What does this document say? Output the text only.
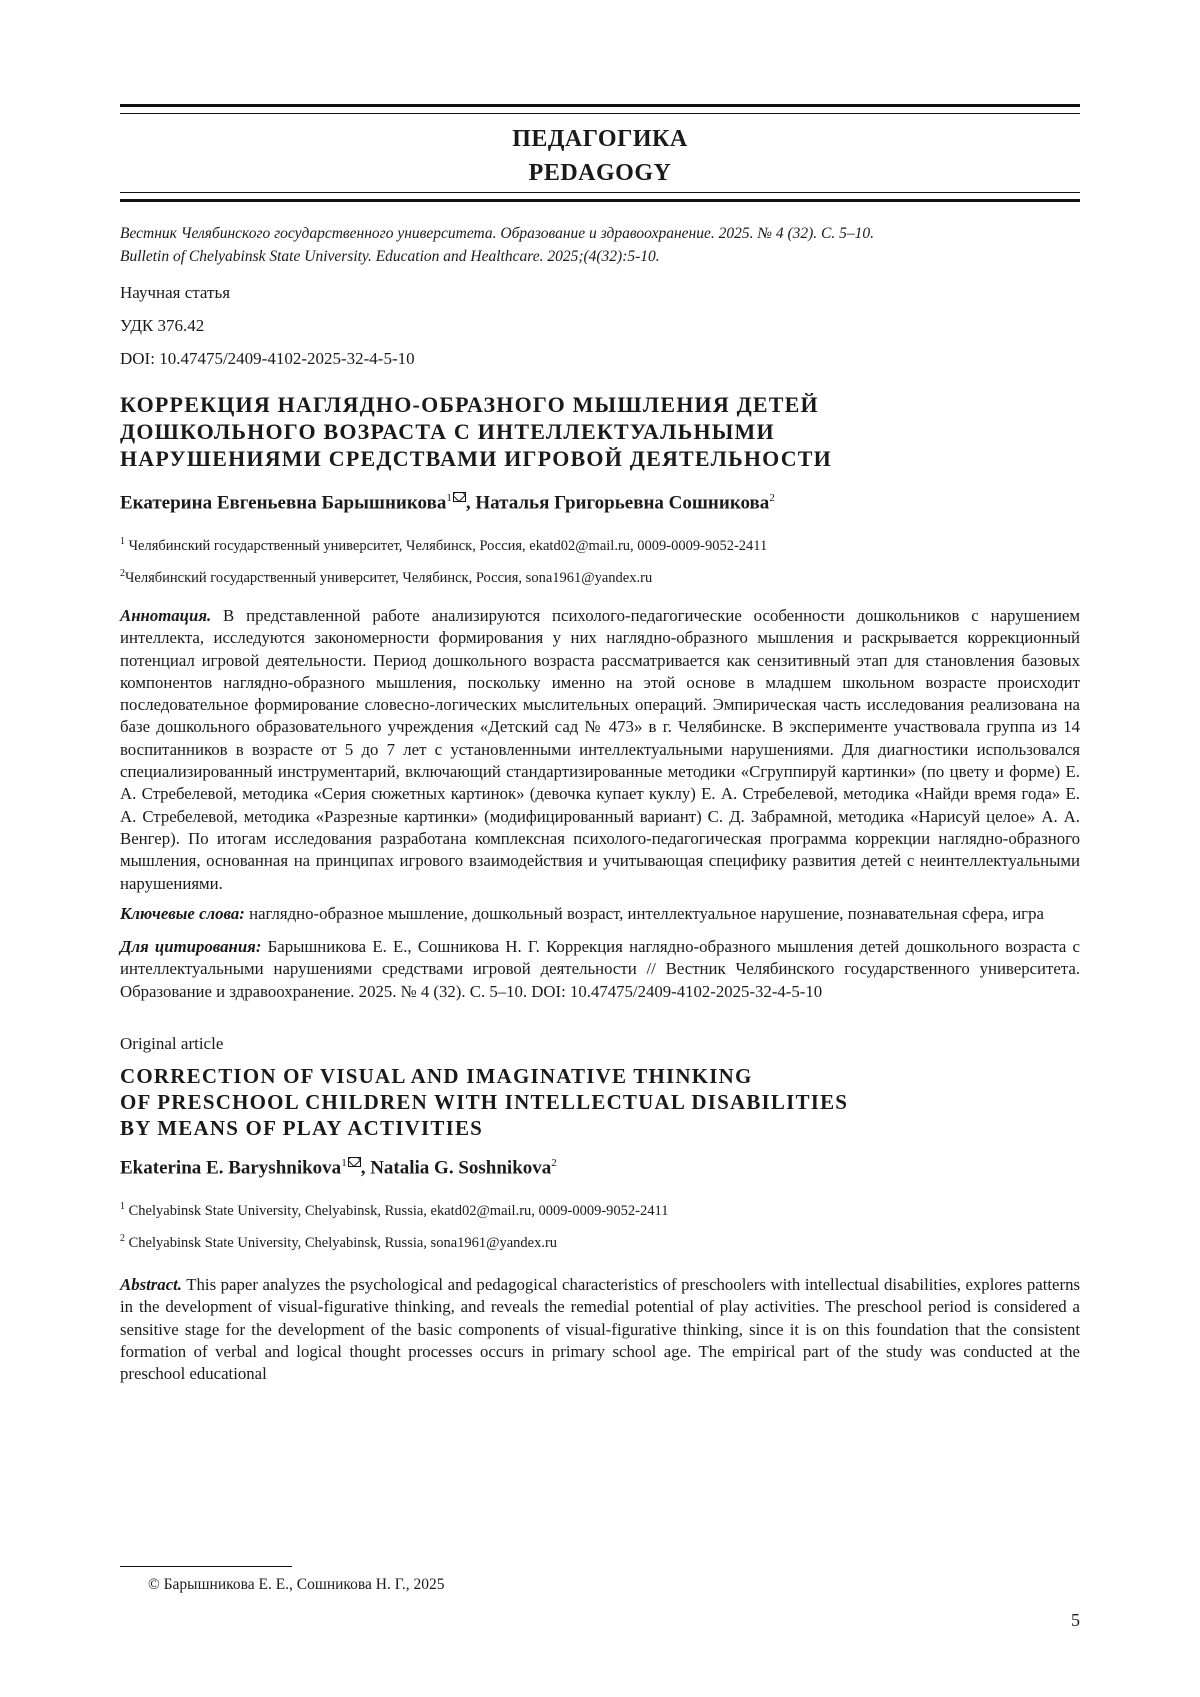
ПЕДАГОГИКА
PEDAGOGY
Вестник Челябинского государственного университета. Образование и здравоохранение. 2025. № 4 (32). С. 5–10.
Bulletin of Chelyabinsk State University. Education and Healthcare. 2025;(4(32):5-10.
Научная статья
УДК 376.42
DOI: 10.47475/2409-4102-2025-32-4-5-10
КОРРЕКЦИЯ НАГЛЯДНО-ОБРАЗНОГО МЫШЛЕНИЯ ДЕТЕЙ
ДОШКОЛЬНОГО ВОЗРАСТА С ИНТЕЛЛЕКТУАЛЬНЫМИ
НАРУШЕНИЯМИ СРЕДСТВАМИ ИГРОВОЙ ДЕЯТЕЛЬНОСТИ
Екатерина Евгеньевна Барышникова$^1$ , Наталья Григорьевна Сошникова$^2$
$^1$ Челябинский государственный университет, Челябинск, Россия, ekatd02@mail.ru, 0009-0009-9052-2411
$^2$Челябинский государственный университет, Челябинск, Россия, sona1961@yandex.ru
Аннотация. В представленной работе анализируются психолого-педагогические особенности дошкольников с нарушением интеллекта, исследуются закономерности формирования у них наглядно-образного мышления и раскрывается коррекционный потенциал игровой деятельности. Период дошкольного возраста рассматривается как сензитивный этап для становления базовых компонентов наглядно-образного мышления, поскольку именно на этой основе в младшем школьном возрасте происходит последовательное формирование словесно-логических мыслительных операций. Эмпирическая часть исследования реализована на базе дошкольного образовательного учреждения «Детский сад № 473» в г. Челябинске. В эксперименте участвовала группа из 14 воспитанников в возрасте от 5 до 7 лет с установленными интеллектуальными нарушениями. Для диагностики использовался специализированный инструментарий, включающий стандартизированные методики «Сгруппируй картинки» (по цвету и форме) Е. А. Стребелевой, методика «Серия сюжетных картинок» (девочка купает куклу) Е. А. Стребелевой, методика «Найди время года» Е. А. Стребелевой, методика «Разрезные картинки» (модифицированный вариант) С. Д. Забрамной, методика «Нарисуй целое» А. А. Венгер). По итогам исследования разработана комплексная психолого-педагогическая программа коррекции наглядно-образного мышления, основанная на принципах игрового взаимодействия и учитывающая специфику развития детей с неинтеллектуальными нарушениями.
Ключевые слова: наглядно-образное мышление, дошкольный возраст, интеллектуальное нарушение, познавательная сфера, игра
Для цитирования: Барышникова Е. Е., Сошникова Н. Г. Коррекция наглядно-образного мышления детей дошкольного возраста с интеллектуальными нарушениями средствами игровой деятельности // Вестник Челябинского государственного университета. Образование и здравоохранение. 2025. № 4 (32). С. 5–10. DOI: 10.47475/2409-4102-2025-32-4-5-10
Original article
CORRECTION OF VISUAL AND IMAGINATIVE THINKING
OF PRESCHOOL CHILDREN WITH INTELLECTUAL DISABILITIES
BY MEANS OF PLAY ACTIVITIES
Ekaterina E. Baryshnikova$^1$ , Natalia G. Soshnikova$^2$
$^1$ Chelyabinsk State University, Chelyabinsk, Russia, ekatd02@mail.ru, 0009-0009-9052-2411
$^2$ Chelyabinsk State University, Chelyabinsk, Russia, sona1961@yandex.ru
Abstract. This paper analyzes the psychological and pedagogical characteristics of preschoolers with intellectual disabilities, explores patterns in the development of visual-figurative thinking, and reveals the remedial potential of play activities. The preschool period is considered a sensitive stage for the development of the basic components of visual-figurative thinking, since it is on this foundation that the consistent formation of verbal and logical thought processes occurs in primary school age. The empirical part of the study was conducted at the preschool educational
© Барышникова Е. Е., Сошникова Н. Г., 2025
5
